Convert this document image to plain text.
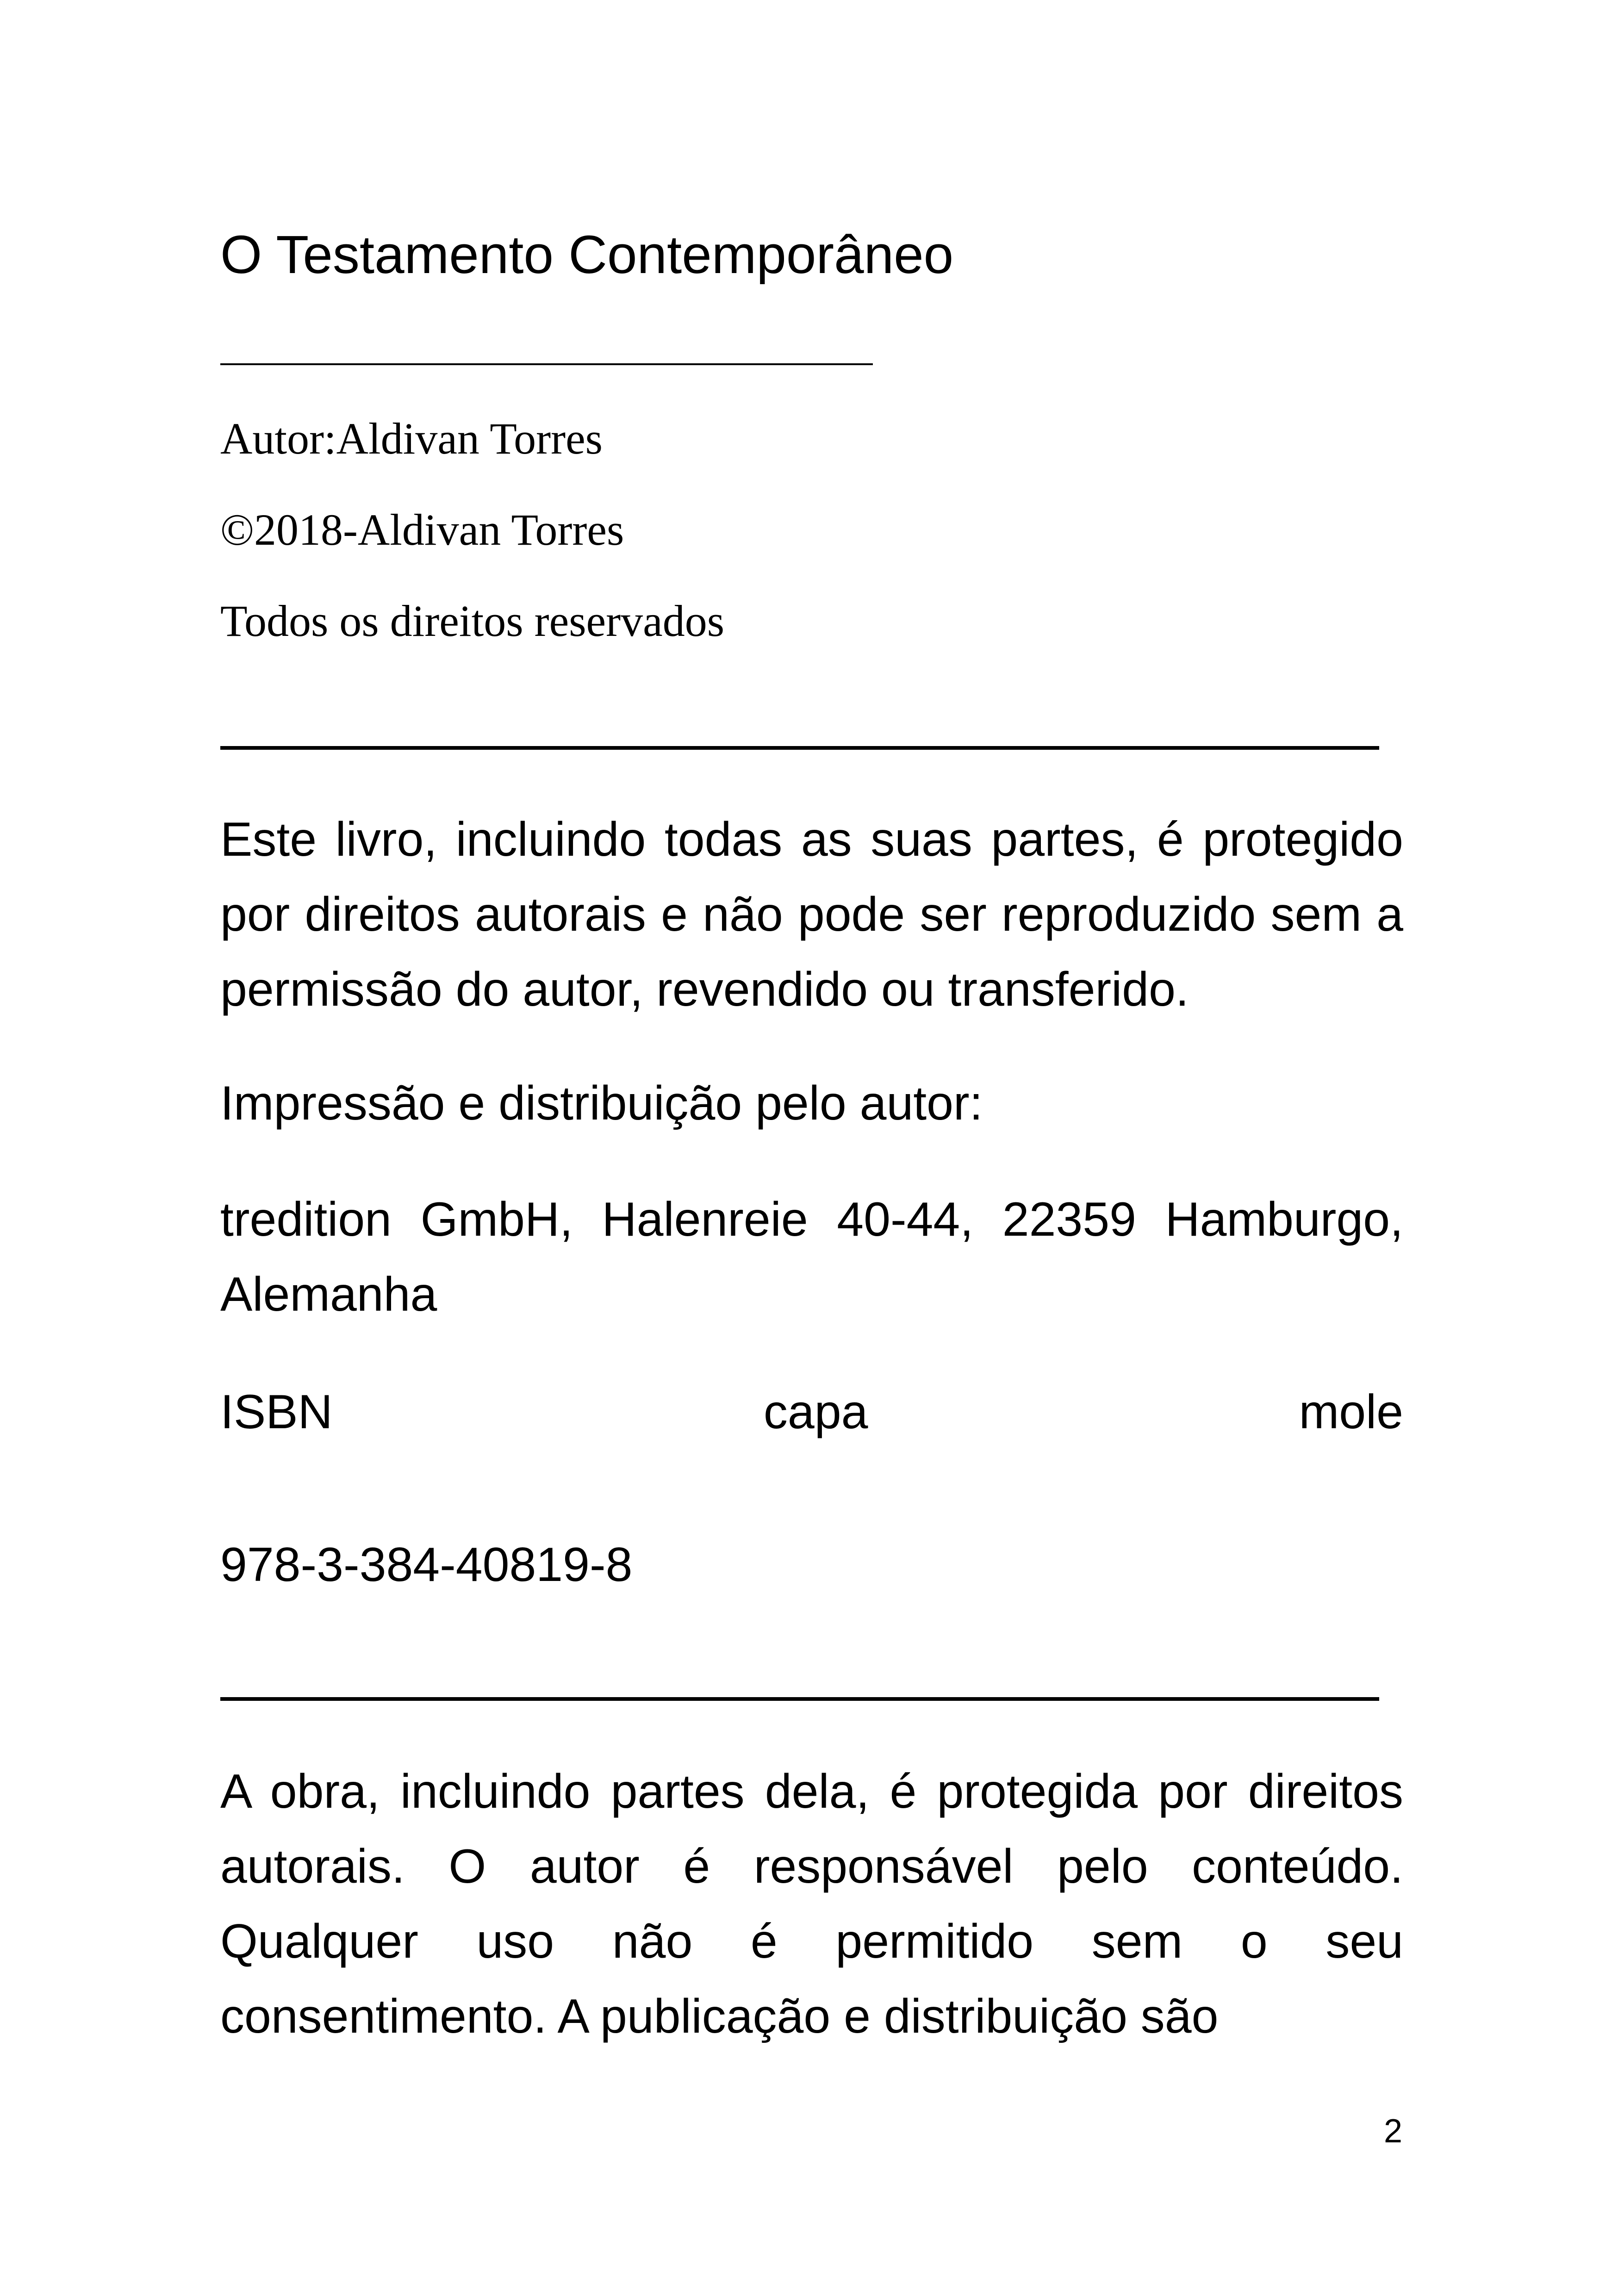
O Testamento Contemporâneo
Autor:Aldivan Torres
©2018-Aldivan Torres
Todos os direitos reservados
Este livro, incluindo todas as suas partes, é protegido por direitos autorais e não pode ser reproduzido sem a permissão do autor, revendido ou transferido.
Impressão e distribuição pelo autor:
tredition GmbH, Halenreie 40-44, 22359 Hamburgo, Alemanha
ISBN	capa	mole
978-3-384-40819-8
A obra, incluindo partes dela, é protegida por direitos autorais. O autor é responsável pelo conteúdo. Qualquer uso não é permitido sem o seu consentimento. A publicação e distribuição são
2
